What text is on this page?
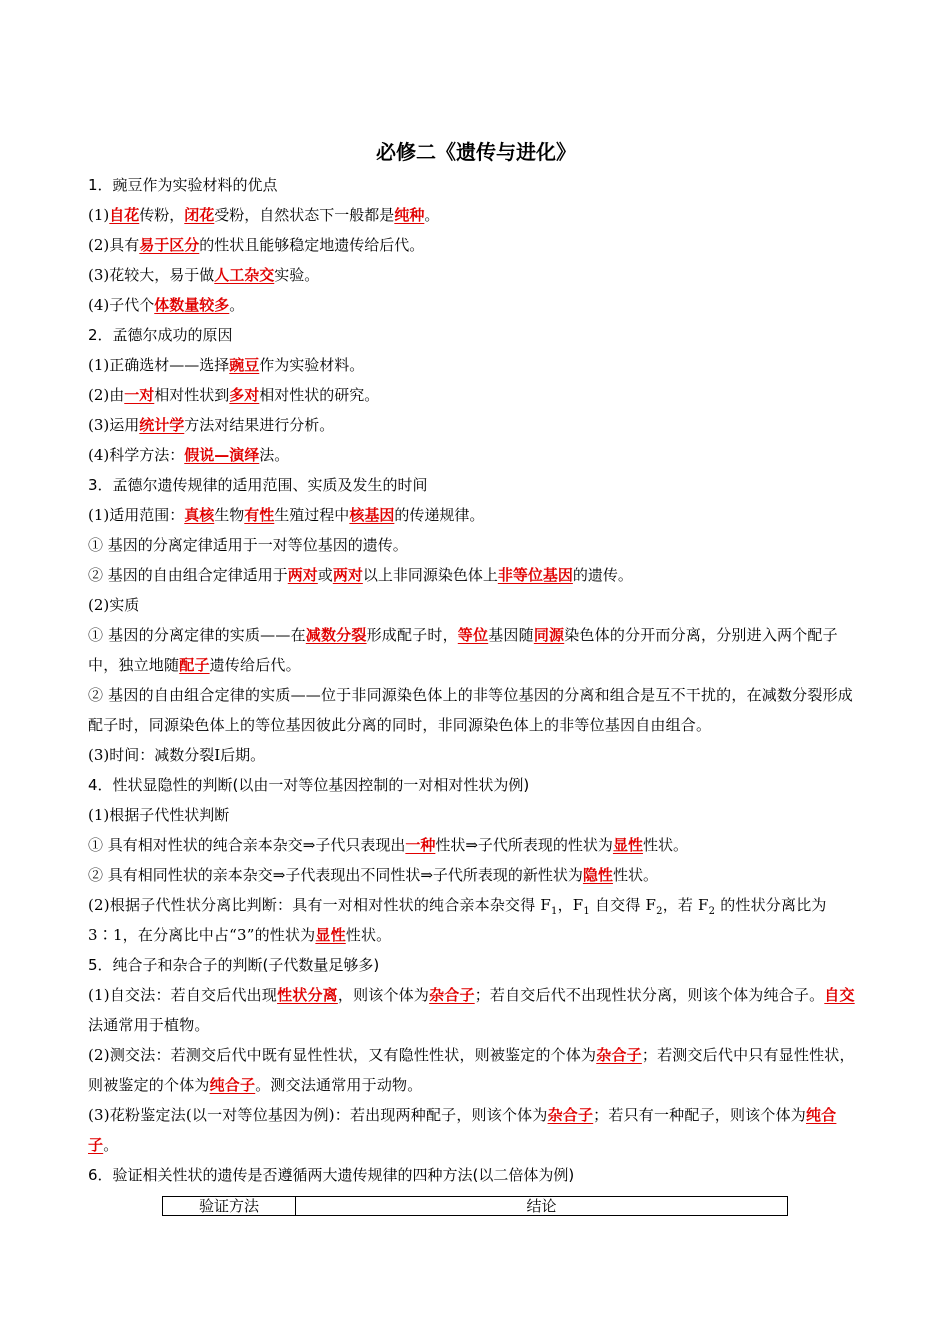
必修二《遗传与进化》
1．豌豆作为实验材料的优点
(1)自花传粉，闭花受粉，自然状态下一般都是纯种。
(2)具有易于区分的性状且能够稳定地遗传给后代。
(3)花较大，易于做人工杂交实验。
(4)子代个体数量较多。
2．孟德尔成功的原因
(1)正确选材——选择豌豆作为实验材料。
(2)由一对相对性状到多对相对性状的研究。
(3)运用统计学方法对结果进行分析。
(4)科学方法：假说—演绎法。
3．孟德尔遗传规律的适用范围、实质及发生的时间
(1)适用范围：真核生物有性生殖过程中核基因的传递规律。
① 基因的分离定律适用于一对等位基因的遗传。
② 基因的自由组合定律适用于两对或两对以上非同源染色体上非等位基因的遗传。
(2)实质
① 基因的分离定律的实质——在减数分裂形成配子时，等位基因随同源染色体的分开而分离，分别进入两个配子中，独立地随配子遗传给后代。
② 基因的自由组合定律的实质——位于非同源染色体上的非等位基因的分离和组合是互不干扰的，在减数分裂形成配子时，同源染色体上的等位基因彼此分离的同时，非同源染色体上的非等位基因自由组合。
(3)时间：减数分裂Ⅰ后期。
4．性状显隐性的判断(以由一对等位基因控制的一对相对性状为例)
(1)根据子代性状判断
① 具有相对性状的纯合亲本杂交⇒子代只表现出一种性状⇒子代所表现的性状为显性性状。
② 具有相同性状的亲本杂交⇒子代表现出不同性状⇒子代所表现的新性状为隐性性状。
(2)根据子代性状分离比判断：具有一对相对性状的纯合亲本杂交得 $F_1$，$F_1$ 自交得 $F_2$，若 $F_2$ 的性状分离比为 3∶1，在分离比中占“3”的性状为显性性状。
5．纯合子和杂合子的判断(子代数量足够多)
(1)自交法：若自交后代出现性状分离，则该个体为杂合子；若自交后代不出现性状分离，则该个体为纯合子。自交法通常用于植物。
(2)测交法：若测交后代中既有显性性状，又有隐性性状，则被鉴定的个体为杂合子；若测交后代中只有显性性状，则被鉴定的个体为纯合子。测交法通常用于动物。
(3)花粉鉴定法(以一对等位基因为例)：若出现两种配子，则该个体为杂合子；若只有一种配子，则该个体为纯合子。
6．验证相关性状的遗传是否遵循两大遗传规律的四种方法(以二倍体为例)
验证方法	结论
